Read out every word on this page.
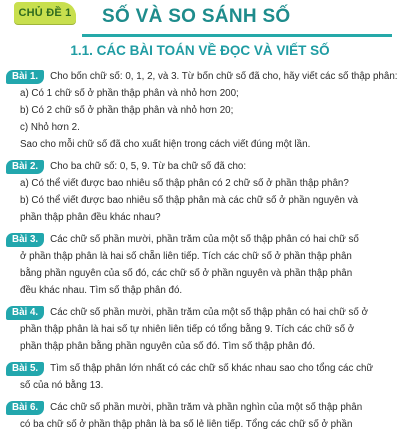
CHỦ ĐỀ 1 SỐ VÀ SO SÁNH SỐ
1.1. CÁC BÀI TOÁN VỀ ĐỌC VÀ VIẾT SỐ
Bài 1. Cho bốn chữ số: 0, 1, 2, và 3. Từ bốn chữ số đã cho, hãy viết các số thập phân:
a) Có 1 chữ số ở phần thập phân và nhỏ hơn 200;
b) Có 2 chữ số ở phần thập phân và nhỏ hơn 20;
c) Nhỏ hơn 2.
Sao cho mỗi chữ số đã cho xuất hiện trong cách viết đúng một lần.
Bài 2. Cho ba chữ số: 0, 5, 9. Từ ba chữ số đã cho:
a) Có thể viết được bao nhiêu số thập phân có 2 chữ số ở phần thập phân?
b) Có thể viết được bao nhiêu số thập phân mà các chữ số ở phần nguyên và
phần thập phân đều khác nhau?
Bài 3. Các chữ số phần mười, phần trăm của một số thập phân có hai chữ số
ở phần thập phân là hai số chẵn liên tiếp. Tích các chữ số ở phần thập phân
bằng phần nguyên của số đó, các chữ số ở phần nguyên và phần thập phân
đều khác nhau. Tìm số thập phân đó.
Bài 4. Các chữ số phần mười, phần trăm của một số thập phân có hai chữ số ở
phần thập phân là hai số tự nhiên liên tiếp có tổng bằng 9. Tích các chữ số ở
phần thập phân bằng phần nguyên của số đó. Tìm số thập phân đó.
Bài 5. Tìm số thập phân lớn nhất có các chữ số khác nhau sao cho tổng các chữ
số của nó bằng 13.
Bài 6. Các chữ số phần mười, phần trăm và phần nghìn của một số thập phân
có ba chữ số ở phần thập phân là ba số lẻ liên tiếp. Tổng các chữ số ở phần
